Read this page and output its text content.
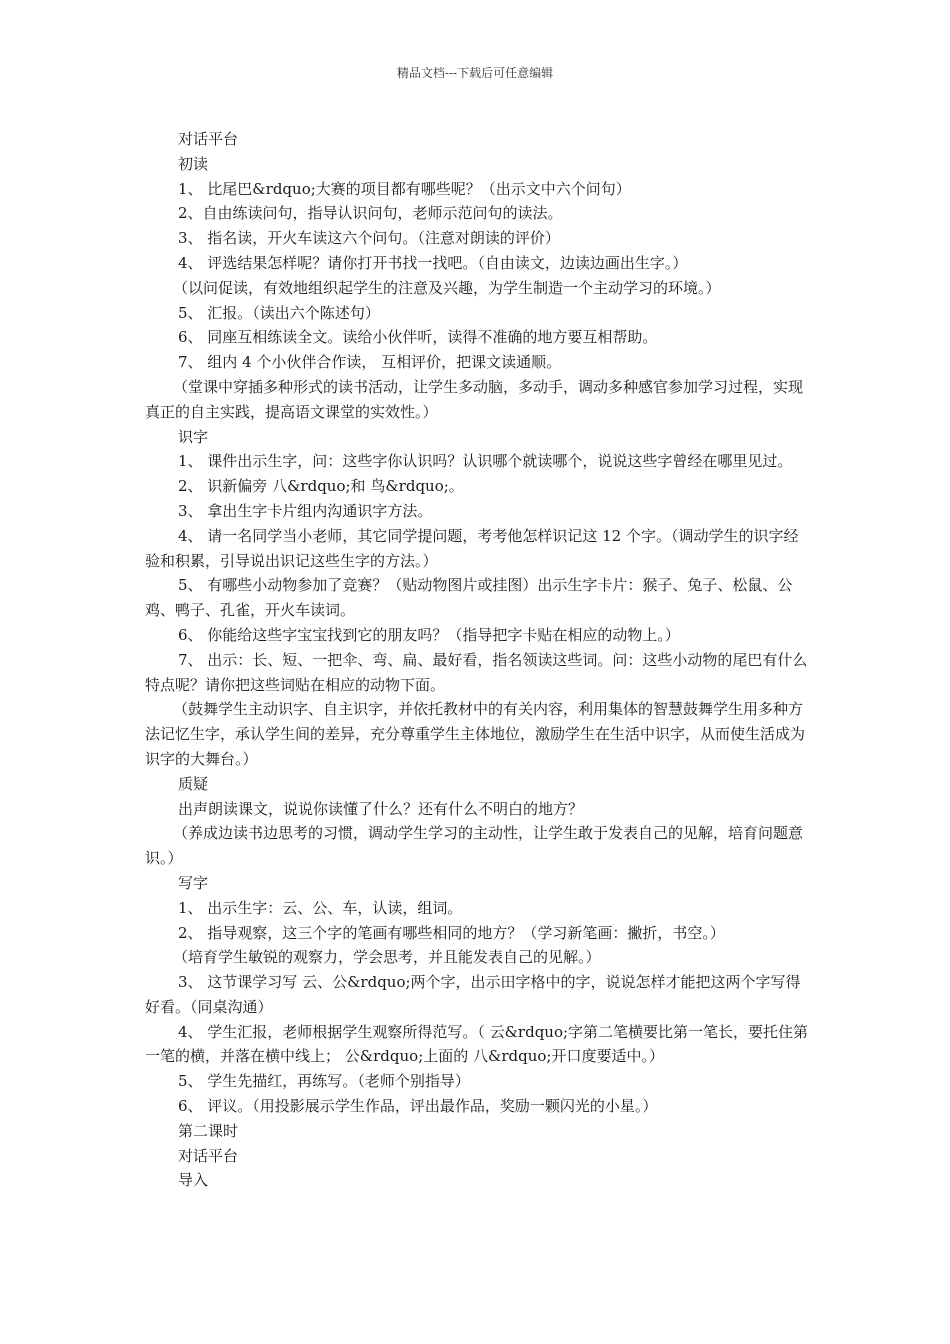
精品文档---下载后可任意编辑

对话平台

初读

1、 比尾巴&rdquo;大赛的项目都有哪些呢？（出示文中六个问句）

2、自由练读问句，指导认识问句，老师示范问句的读法。

3、 指名读，开火车读这六个问句。（注意对朗读的评价）

4、 评选结果怎样呢？请你打开书找一找吧。（自由读文，边读边画出生字。）

（以问促读，有效地组织起学生的注意及兴趣，为学生制造一个主动学习的环境。）

5、 汇报。（读出六个陈述句）

6、 同座互相练读全文。读给小伙伴听，读得不准确的地方要互相帮助。

7、 组内 4 个小伙伴合作读， 互相评价，把课文读通顺。

（堂课中穿插多种形式的读书活动，让学生多动脑，多动手，调动多种感官参加学习过程，实现真正的自主实践，提高语文课堂的实效性。）

识字

1、 课件出示生字，问：这些字你认识吗？认识哪个就读哪个，说说这些字曾经在哪里见过。

2、 识新偏旁 八&rdquo;和 鸟&rdquo;。

3、 拿出生字卡片组内沟通识字方法。

4、 请一名同学当小老师，其它同学提问题，考考他怎样识记这 12 个字。（调动学生的识字经验和积累，引导说出识记这些生字的方法。）

5、 有哪些小动物参加了竞赛？（贴动物图片或挂图）出示生字卡片：猴子、兔子、松鼠、公鸡、鸭子、孔雀，开火车读词。

6、 你能给这些字宝宝找到它的朋友吗？（指导把字卡贴在相应的动物上。）

7、 出示：长、短、一把伞、弯、扁、最好看，指名领读这些词。问：这些小动物的尾巴有什么特点呢？请你把这些词贴在相应的动物下面。

（鼓舞学生主动识字、自主识字，并依托教材中的有关内容，利用集体的智慧鼓舞学生用多种方法记忆生字，承认学生间的差异，充分尊重学生主体地位，激励学生在生活中识字，从而使生活成为识字的大舞台。）

质疑

出声朗读课文，说说你读懂了什么？还有什么不明白的地方？

（养成边读书边思考的习惯，调动学生学习的主动性，让学生敢于发表自己的见解，培育问题意识。）

写字

1、 出示生字：云、公、车，认读，组词。

2、 指导观察，这三个字的笔画有哪些相同的地方？（学习新笔画：撇折，书空。）

（培育学生敏锐的观察力，学会思考，并且能发表自己的见解。）

3、 这节课学习写 云、公&rdquo;两个字，出示田字格中的字，说说怎样才能把这两个字写得好看。（同桌沟通）

4、 学生汇报，老师根据学生观察所得范写。（ 云&rdquo;字第二笔横要比第一笔长，要托住第一笔的横，并落在横中线上； 公&rdquo;上面的 八&rdquo;开口度要适中。）

5、 学生先描红，再练写。（老师个别指导）

6、 评议。（用投影展示学生作品，评出最作品，奖励一颗闪光的小星。）

第二课时

对话平台

导入
